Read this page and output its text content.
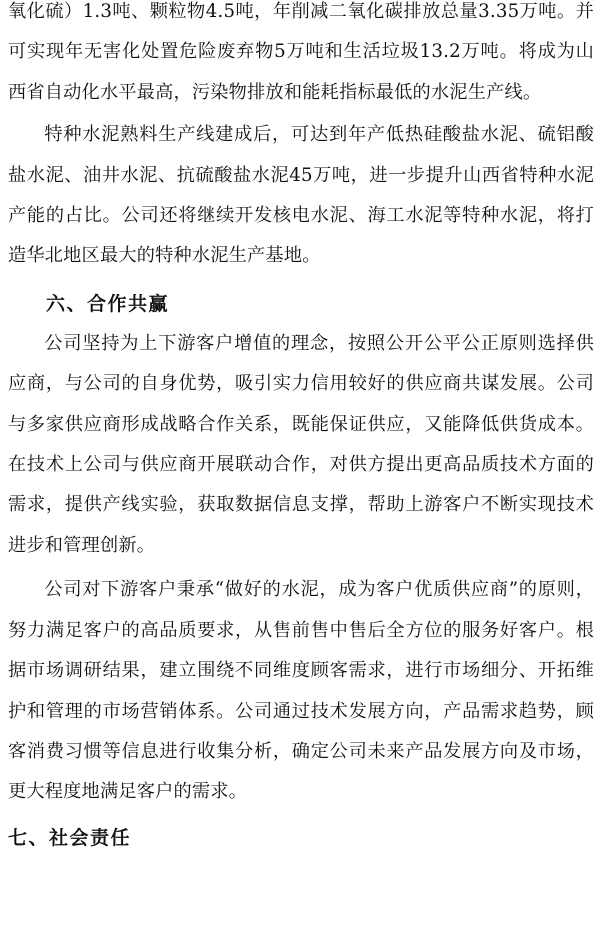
氧化硫）1.3吨、颗粒物4.5吨，年削减二氧化碳排放总量3.35万吨。并可实现年无害化处置危险废弃物5万吨和生活垃圾13.2万吨。将成为山西省自动化水平最高，污染物排放和能耗指标最低的水泥生产线。

特种水泥熟料生产线建成后，可达到年产低热硅酸盐水泥、硫铝酸盐水泥、油井水泥、抗硫酸盐水泥45万吨，进一步提升山西省特种水泥产能的占比。公司还将继续开发核电水泥、海工水泥等特种水泥，将打造华北地区最大的特种水泥生产基地。

六、合作共赢

公司坚持为上下游客户增值的理念，按照公开公平公正原则选择供应商，与公司的自身优势，吸引实力信用较好的供应商共谋发展。公司与多家供应商形成战略合作关系，既能保证供应，又能降低供货成本。在技术上公司与供应商开展联动合作，对供方提出更高品质技术方面的需求，提供产线实验，获取数据信息支撑，帮助上游客户不断实现技术进步和管理创新。

公司对下游客户秉承“做好的水泥，成为客户优质供应商”的原则，努力满足客户的高品质要求，从售前售中售后全方位的服务好客户。根据市场调研结果，建立围绕不同维度顾客需求，进行市场细分、开拓维护和管理的市场营销体系。公司通过技术发展方向，产品需求趋势，顾客消费习惯等信息进行收集分析，确定公司未来产品发展方向及市场，更大程度地满足客户的需求。

七、社会责任
